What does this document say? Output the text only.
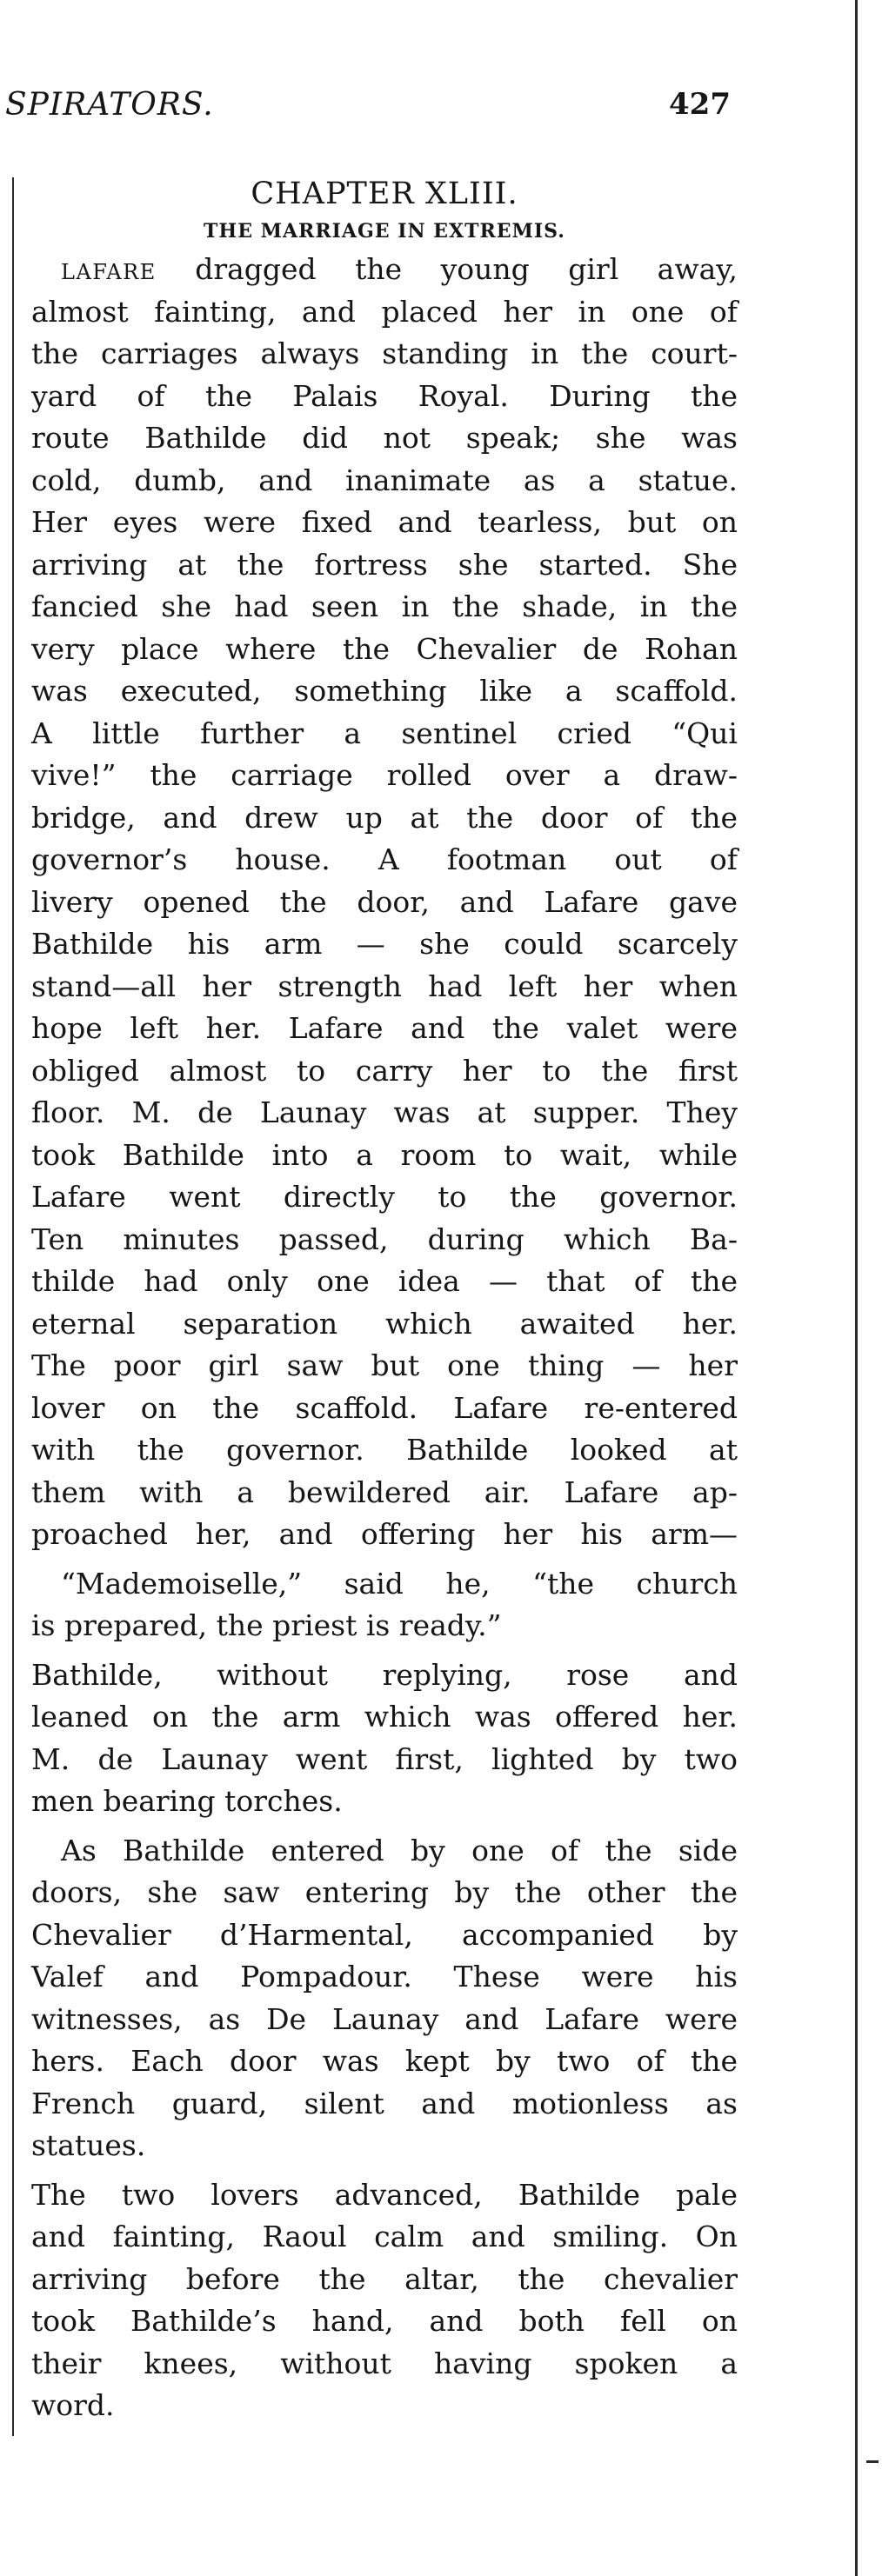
SPIRATORS.	427
CHAPTER XLIII.
THE MARRIAGE IN EXTREMIS.
LAFARE dragged the young girl away,
almost fainting, and placed her in one of
the carriages always standing in the court-
yard of the Palais Royal. During the
route Bathilde did not speak; she was
cold, dumb, and inanimate as a statue.
Her eyes were fixed and tearless, but on
arriving at the fortress she started. She
fancied she had seen in the shade, in the
very place where the Chevalier de Rohan
was executed, something like a scaffold.
A little further a sentinel cried “Qui
vive!” the carriage rolled over a draw-
bridge, and drew up at the door of the
governor’s house. A footman out of
livery opened the door, and Lafare gave
Bathilde his arm — she could scarcely
stand—all her strength had left her when
hope left her. Lafare and the valet were
obliged almost to carry her to the first
floor. M. de Launay was at supper. They
took Bathilde into a room to wait, while
Lafare went directly to the governor.
Ten minutes passed, during which Ba-
thilde had only one idea — that of the
eternal separation which awaited her.
The poor girl saw but one thing — her
lover on the scaffold. Lafare re-entered
with the governor. Bathilde looked at
them with a bewildered air. Lafare ap-
proached her, and offering her his arm—
“Mademoiselle,” said he, “the church
is prepared, the priest is ready.”
Bathilde, without replying, rose and
leaned on the arm which was offered her.
M. de Launay went first, lighted by two
men bearing torches.
As Bathilde entered by one of the side
doors, she saw entering by the other the
Chevalier d’Harmental, accompanied by
Valef and Pompadour. These were his
witnesses, as De Launay and Lafare were
hers. Each door was kept by two of the
French guard, silent and motionless as
statues.
The two lovers advanced, Bathilde pale
and fainting, Raoul calm and smiling. On
arriving before the altar, the chevalier
took Bathilde’s hand, and both fell on
their knees, without having spoken a
word.
